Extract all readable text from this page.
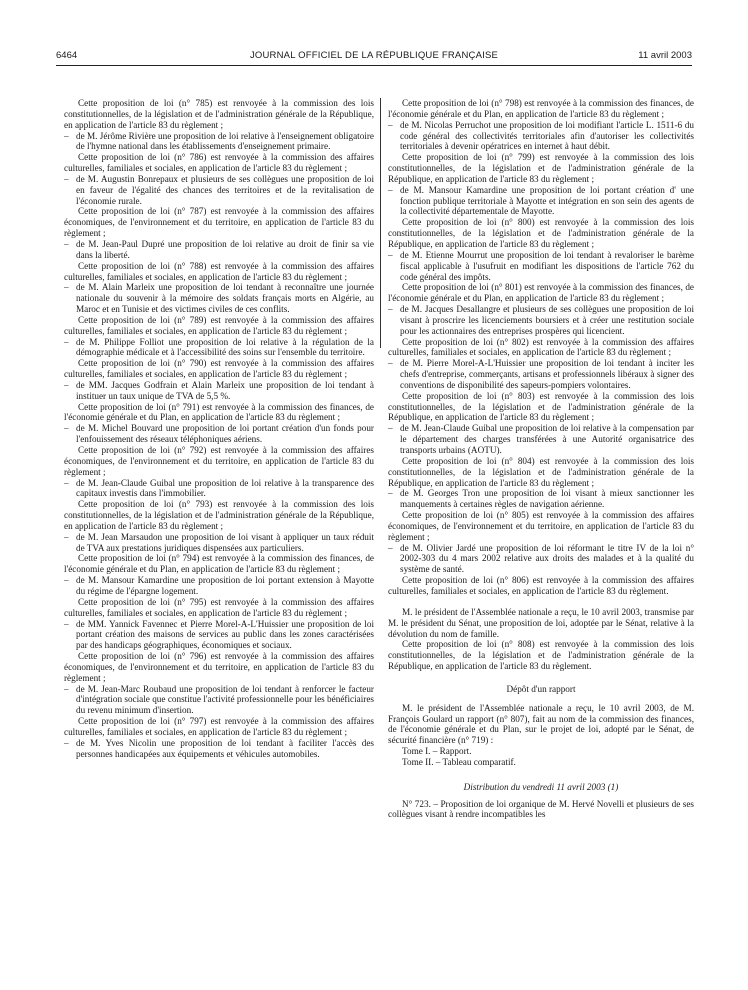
6464	JOURNAL OFFICIEL DE LA RÉPUBLIQUE FRANÇAISE	11 avril 2003

Cette proposition de loi (n° 785) est renvoyée à la commission des lois constitutionnelles, de la législation et de l'administration générale de la République, en application de l'article 83 du règlement ;

– de M. Jérôme Rivière une proposition de loi relative à l'enseignement obligatoire de l'hymne national dans les établissements d'enseignement primaire.

Cette proposition de loi (n° 786) est renvoyée à la commission des affaires culturelles, familiales et sociales, en application de l'article 83 du règlement ;

– de M. Augustin Bonrepaux et plusieurs de ses collègues une proposition de loi en faveur de l'égalité des chances des territoires et de la revitalisation de l'économie rurale.

Cette proposition de loi (n° 787) est renvoyée à la commission des affaires économiques, de l'environnement et du territoire, en application de l'article 83 du règlement ;

– de M. Jean-Paul Dupré une proposition de loi relative au droit de finir sa vie dans la liberté.

Cette proposition de loi (n° 788) est renvoyée à la commission des affaires culturelles, familiales et sociales, en application de l'article 83 du règlement ;

– de M. Alain Marleix une proposition de loi tendant à reconnaître une journée nationale du souvenir à la mémoire des soldats français morts en Algérie, au Maroc et en Tunisie et des victimes civiles de ces conflits.

Cette proposition de loi (n° 789) est renvoyée à la commission des affaires culturelles, familiales et sociales, en application de l'article 83 du règlement ;

– de M. Philippe Folliot une proposition de loi relative à la régulation de la démographie médicale et à l'accessibilité des soins sur l'ensemble du territoire.

Cette proposition de loi (n° 790) est renvoyée à la commission des affaires culturelles, familiales et sociales, en application de l'article 83 du règlement ;

– de MM. Jacques Godfrain et Alain Marleix une proposition de loi tendant à instituer un taux unique de TVA de 5,5 %.

Cette proposition de loi (n° 791) est renvoyée à la commission des finances, de l'économie générale et du Plan, en application de l'article 83 du règlement ;

– de M. Michel Bouvard une proposition de loi portant création d'un fonds pour l'enfouissement des réseaux téléphoniques aériens.

Cette proposition de loi (n° 792) est renvoyée à la commission des affaires économiques, de l'environnement et du territoire, en application de l'article 83 du règlement ;

– de M. Jean-Claude Guibal une proposition de loi relative à la transparence des capitaux investis dans l'immobilier.

Cette proposition de loi (n° 793) est renvoyée à la commission des lois constitutionnelles, de la législation et de l'administration générale de la République, en application de l'article 83 du règlement ;

– de M. Jean Marsaudon une proposition de loi visant à appliquer un taux réduit de TVA aux prestations juridiques dispensées aux particuliers.

Cette proposition de loi (n° 794) est renvoyée à la commission des finances, de l'économie générale et du Plan, en application de l'article 83 du règlement ;

– de M. Mansour Kamardine une proposition de loi portant extension à Mayotte du régime de l'épargne logement.

Cette proposition de loi (n° 795) est renvoyée à la commission des affaires culturelles, familiales et sociales, en application de l'article 83 du règlement ;

– de MM. Yannick Favennec et Pierre Morel-A-L'Huissier une proposition de loi portant création des maisons de services au public dans les zones caractérisées par des handicaps géographiques, économiques et sociaux.

Cette proposition de loi (n° 796) est renvoyée à la commission des affaires économiques, de l'environnement et du territoire, en application de l'article 83 du règlement ;

– de M. Jean-Marc Roubaud une proposition de loi tendant à renforcer le facteur d'intégration sociale que constitue l'activité professionnelle pour les bénéficiaires du revenu minimum d'insertion.

Cette proposition de loi (n° 797) est renvoyée à la commission des affaires culturelles, familiales et sociales, en application de l'article 83 du règlement ;

– de M. Yves Nicolin une proposition de loi tendant à faciliter l'accès des personnes handicapées aux équipements et véhicules automobiles.

Cette proposition de loi (n° 798) est renvoyée à la commission des finances, de l'économie générale et du Plan, en application de l'article 83 du règlement ;

– de M. Nicolas Perruchot une proposition de loi modifiant l'article L. 1511-6 du code général des collectivités territoriales afin d'autoriser les collectivités territoriales à devenir opératrices en internet à haut débit.

Cette proposition de loi (n° 799) est renvoyée à la commission des lois constitutionnelles, de la législation et de l'administration générale de la République, en application de l'article 83 du règlement ;

– de M. Mansour Kamardine une proposition de loi portant création d' une fonction publique territoriale à Mayotte et intégration en son sein des agents de la collectivité départementale de Mayotte.

Cette proposition de loi (n° 800) est renvoyée à la commission des lois constitutionnelles, de la législation et de l'administration générale de la République, en application de l'article 83 du règlement ;

– de M. Etienne Mourrut une proposition de loi tendant à revaloriser le barème fiscal applicable à l'usufruit en modifiant les dispositions de l'article 762 du code général des impôts.

Cette proposition de loi (n° 801) est renvoyée à la commission des finances, de l'économie générale et du Plan, en application de l'article 83 du règlement ;

– de M. Jacques Desallangre et plusieurs de ses collègues une proposition de loi visant à proscrire les licenciements boursiers et à créer une restitution sociale pour les actionnaires des entreprises prospères qui licencient.

Cette proposition de loi (n° 802) est renvoyée à la commission des affaires culturelles, familiales et sociales, en application de l'article 83 du règlement ;

– de M. Pierre Morel-A-L'Huissier une proposition de loi tendant à inciter les chefs d'entreprise, commerçants, artisans et professionnels libéraux à signer des conventions de disponibilité des sapeurs-pompiers volontaires.

Cette proposition de loi (n° 803) est renvoyée à la commission des lois constitutionnelles, de la législation et de l'administration générale de la République, en application de l'article 83 du règlement ;

– de M. Jean-Claude Guibal une proposition de loi relative à la compensation par le département des charges transférées à une Autorité organisatrice des transports urbains (AOTU).

Cette proposition de loi (n° 804) est renvoyée à la commission des lois constitutionnelles, de la législation et de l'administration générale de la République, en application de l'article 83 du règlement ;

– de M. Georges Tron une proposition de loi visant à mieux sanctionner les manquements à certaines règles de navigation aérienne.

Cette proposition de loi (n° 805) est renvoyée à la commission des affaires économiques, de l'environnement et du territoire, en application de l'article 83 du règlement ;

– de M. Olivier Jardé une proposition de loi réformant le titre IV de la loi n° 2002-303 du 4 mars 2002 relative aux droits des malades et à la qualité du système de santé.

Cette proposition de loi (n° 806) est renvoyée à la commission des affaires culturelles, familiales et sociales, en application de l'article 83 du règlement.

M. le président de l'Assemblée nationale a reçu, le 10 avril 2003, transmise par M. le président du Sénat, une proposition de loi, adoptée par le Sénat, relative à la dévolution du nom de famille.

Cette proposition de loi (n° 808) est renvoyée à la commission des lois constitutionnelles, de la législation et de l'administration générale de la République, en application de l'article 83 du règlement.

Dépôt d'un rapport

M. le président de l'Assemblée nationale a reçu, le 10 avril 2003, de M. François Goulard un rapport (n° 807), fait au nom de la commission des finances, de l'économie générale et du Plan, sur le projet de loi, adopté par le Sénat, de sécurité financière (n° 719) :

Tome I. – Rapport.

Tome II. – Tableau comparatif.

Distribution du vendredi 11 avril 2003 (1)

N° 723. – Proposition de loi organique de M. Hervé Novelli et plusieurs de ses collègues visant à rendre incompatibles les
